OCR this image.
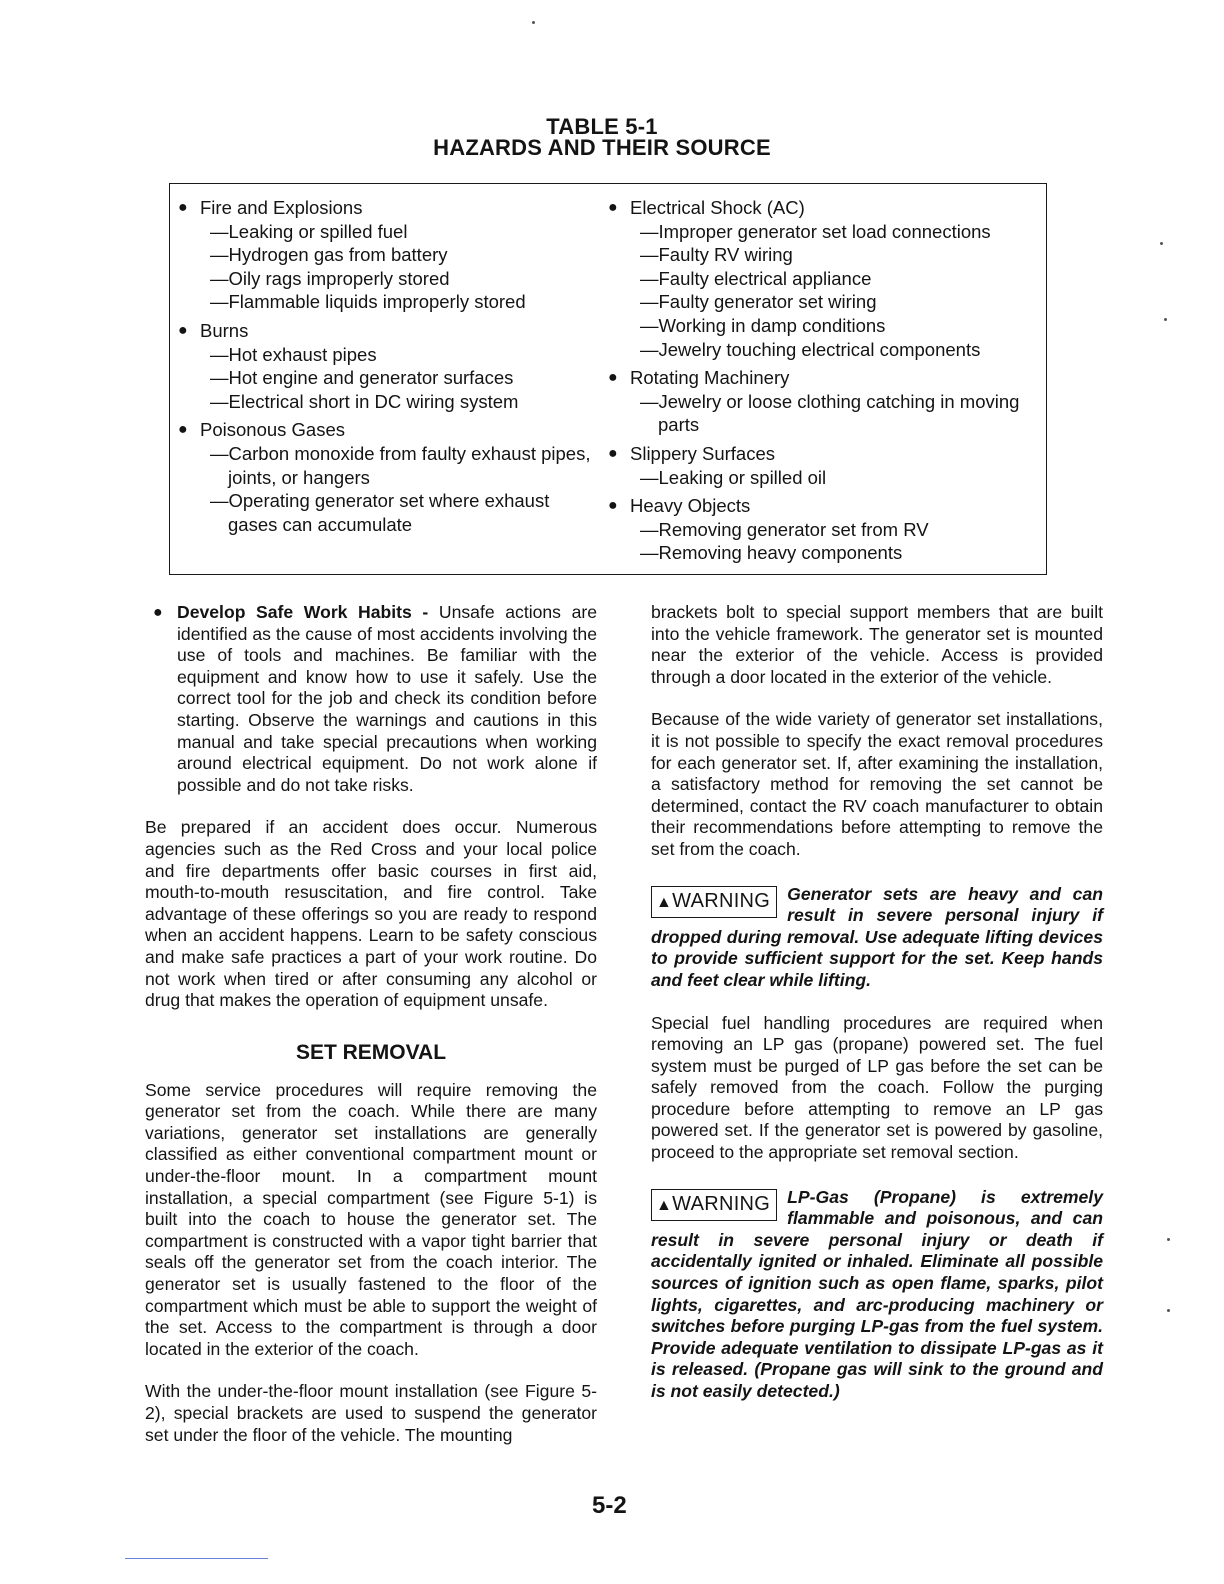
TABLE 5-1
HAZARDS AND THEIR SOURCE
● Fire and Explosions
—Leaking or spilled fuel
—Hydrogen gas from battery
—Oily rags improperly stored
—Flammable liquids improperly stored
● Burns
—Hot exhaust pipes
—Hot engine and generator surfaces
—Electrical short in DC wiring system
● Poisonous Gases
—Carbon monoxide from faulty exhaust pipes, joints, or hangers
—Operating generator set where exhaust gases can accumulate
● Electrical Shock (AC)
—Improper generator set load connections
—Faulty RV wiring
—Faulty electrical appliance
—Faulty generator set wiring
—Working in damp conditions
—Jewelry touching electrical components
● Rotating Machinery
—Jewelry or loose clothing catching in moving parts
● Slippery Surfaces
—Leaking or spilled oil
● Heavy Objects
—Removing generator set from RV
—Removing heavy components

● Develop Safe Work Habits - Unsafe actions are identified as the cause of most accidents involving the use of tools and machines. Be familiar with the equipment and know how to use it safely. Use the correct tool for the job and check its condition before starting. Observe the warnings and cautions in this manual and take special precautions when working around electrical equipment. Do not work alone if possible and do not take risks.

Be prepared if an accident does occur. Numerous agencies such as the Red Cross and your local police and fire departments offer basic courses in first aid, mouth-to-mouth resuscitation, and fire control. Take advantage of these offerings so you are ready to respond when an accident happens. Learn to be safety conscious and make safe practices a part of your work routine. Do not work when tired or after consuming any alcohol or drug that makes the operation of equipment unsafe.

SET REMOVAL

Some service procedures will require removing the generator set from the coach. While there are many variations, generator set installations are generally classified as either conventional compartment mount or under-the-floor mount. In a compartment mount installation, a special compartment (see Figure 5-1) is built into the coach to house the generator set. The compartment is constructed with a vapor tight barrier that seals off the generator set from the coach interior. The generator set is usually fastened to the floor of the compartment which must be able to support the weight of the set. Access to the compartment is through a door located in the exterior of the coach.

With the under-the-floor mount installation (see Figure 5-2), special brackets are used to suspend the generator set under the floor of the vehicle. The mounting

brackets bolt to special support members that are built into the vehicle framework. The generator set is mounted near the exterior of the vehicle. Access is provided through a door located in the exterior of the vehicle.

Because of the wide variety of generator set installations, it is not possible to specify the exact removal procedures for each generator set. If, after examining the installation, a satisfactory method for removing the set cannot be determined, contact the RV coach manufacturer to obtain their recommendations before attempting to remove the set from the coach.

▲WARNING Generator sets are heavy and can result in severe personal injury if dropped during removal. Use adequate lifting devices to provide sufficient support for the set. Keep hands and feet clear while lifting.

Special fuel handling procedures are required when removing an LP gas (propane) powered set. The fuel system must be purged of LP gas before the set can be safely removed from the coach. Follow the purging procedure before attempting to remove an LP gas powered set. If the generator set is powered by gasoline, proceed to the appropriate set removal section.

▲WARNING LP-Gas (Propane) is extremely flammable and poisonous, and can result in severe personal injury or death if accidentally ignited or inhaled. Eliminate all possible sources of ignition such as open flame, sparks, pilot lights, cigarettes, and arc-producing machinery or switches before purging LP-gas from the fuel system. Provide adequate ventilation to dissipate LP-gas as it is released. (Propane gas will sink to the ground and is not easily detected.)

5-2
